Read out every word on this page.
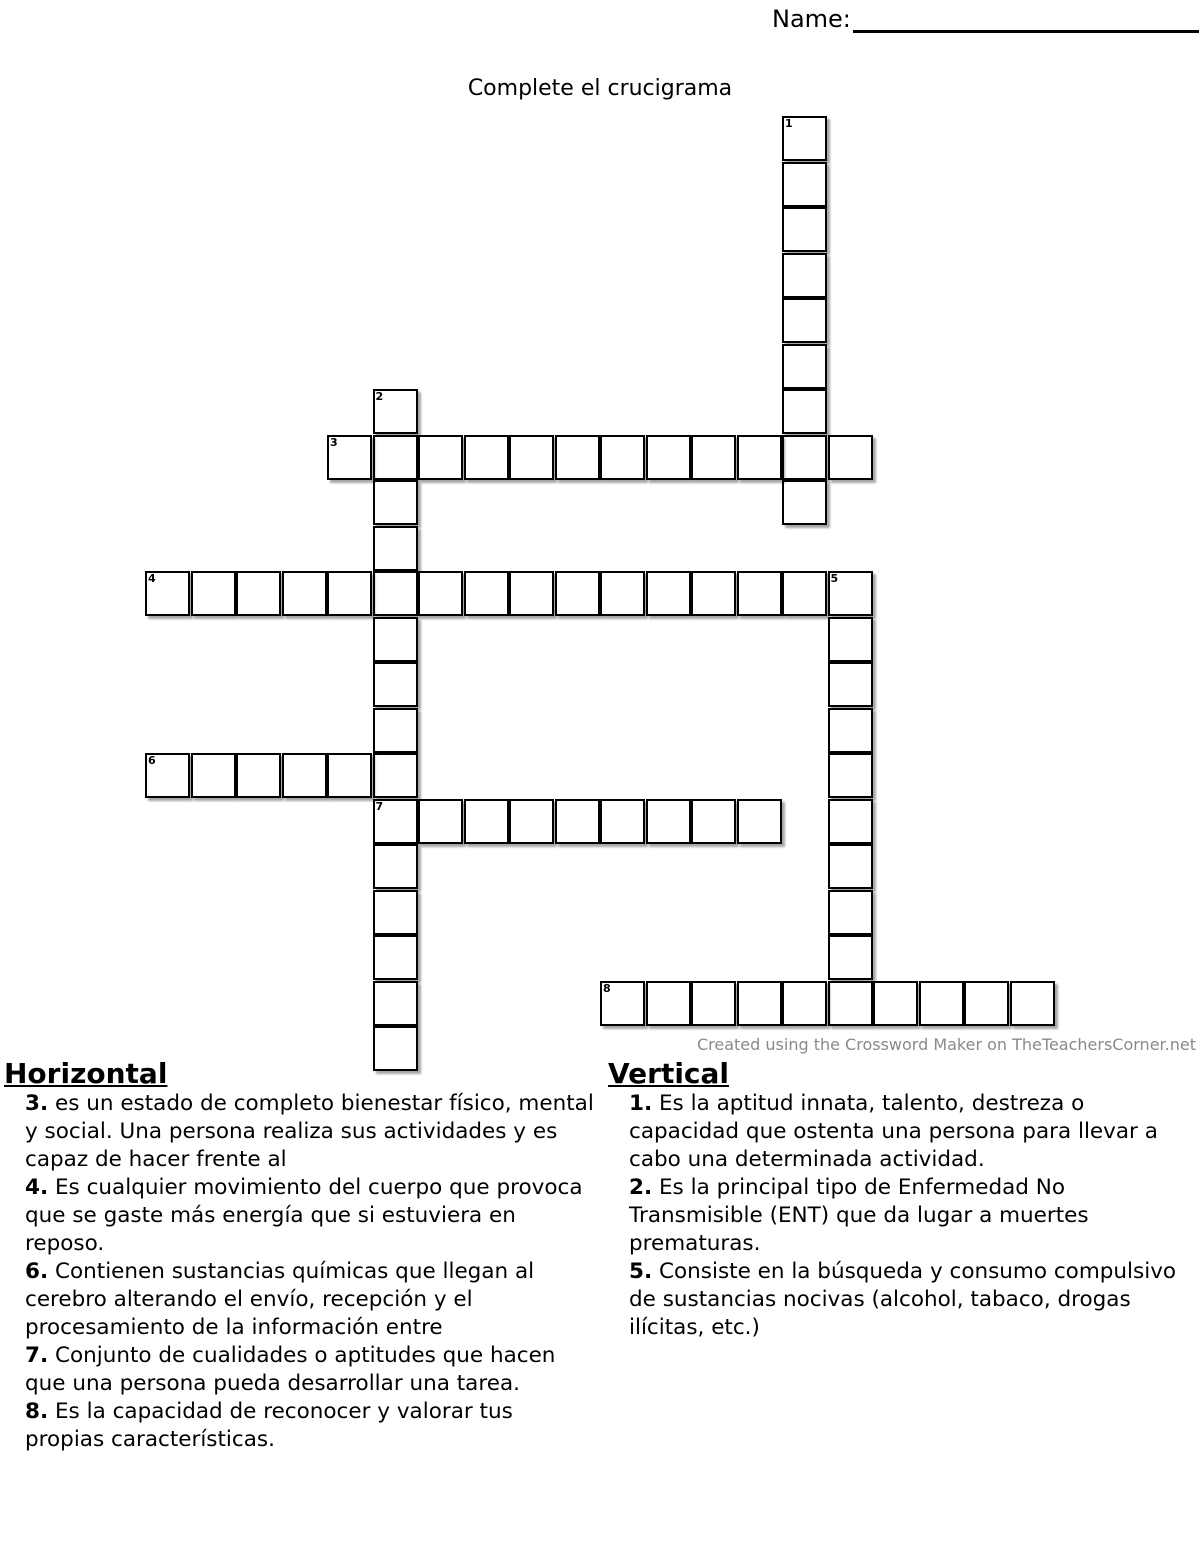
Name:
Complete el crucigrama
1
2
7
3
4	5
6
8
Created using the Crossword Maker on TheTeachersCorner.net
Horizontal

3. es un estado de completo bienestar físico, mental y social. Una persona realiza sus actividades y es capaz de hacer frente al

4. Es cualquier movimiento del cuerpo que provoca que se gaste más energía que si estuviera en reposo.

6. Contienen sustancias químicas que llegan al cerebro alterando el envío, recepción y el procesamiento de la información entre

7. Conjunto de cualidades o aptitudes que hacen que una persona pueda desarrollar una tarea.

8. Es la capacidad de reconocer y valorar tus propias características.

Vertical

1. Es la aptitud innata, talento, destreza o capacidad que ostenta una persona para llevar a cabo una determinada actividad.

2. Es la principal tipo de Enfermedad No Transmisible (ENT) que da lugar a muertes prematuras.

5. Consiste en la búsqueda y consumo compulsivo de sustancias nocivas (alcohol, tabaco, drogas ilícitas, etc.)
